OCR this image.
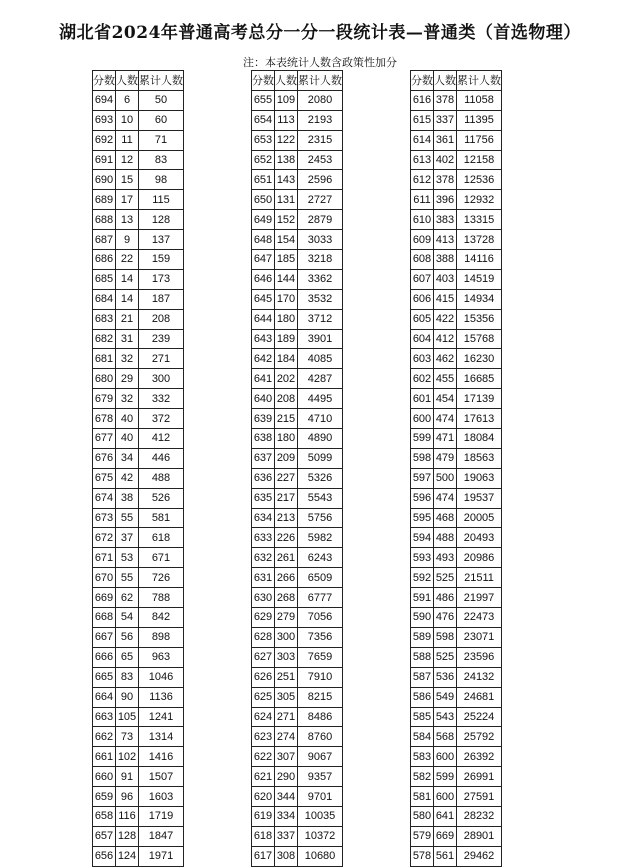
湖北省2024年普通高考总分一分一段统计表—普通类（首选物理）
注：本表统计人数含政策性加分
分数	人数	累计人数
694	6	50
693	10	60
692	11	71
691	12	83
690	15	98
689	17	115
688	13	128
687	9	137
686	22	159
685	14	173
684	14	187
683	21	208
682	31	239
681	32	271
680	29	300
679	32	332
678	40	372
677	40	412
676	34	446
675	42	488
674	38	526
673	55	581
672	37	618
671	53	671
670	55	726
669	62	788
668	54	842
667	56	898
666	65	963
665	83	1046
664	90	1136
663	105	1241
662	73	1314
661	102	1416
660	91	1507
659	96	1603
658	116	1719
657	128	1847
656	124	1971
分数	人数	累计人数
655	109	2080
654	113	2193
653	122	2315
652	138	2453
651	143	2596
650	131	2727
649	152	2879
648	154	3033
647	185	3218
646	144	3362
645	170	3532
644	180	3712
643	189	3901
642	184	4085
641	202	4287
640	208	4495
639	215	4710
638	180	4890
637	209	5099
636	227	5326
635	217	5543
634	213	5756
633	226	5982
632	261	6243
631	266	6509
630	268	6777
629	279	7056
628	300	7356
627	303	7659
626	251	7910
625	305	8215
624	271	8486
623	274	8760
622	307	9067
621	290	9357
620	344	9701
619	334	10035
618	337	10372
617	308	10680
分数	人数	累计人数
616	378	11058
615	337	11395
614	361	11756
613	402	12158
612	378	12536
611	396	12932
610	383	13315
609	413	13728
608	388	14116
607	403	14519
606	415	14934
605	422	15356
604	412	15768
603	462	16230
602	455	16685
601	454	17139
600	474	17613
599	471	18084
598	479	18563
597	500	19063
596	474	19537
595	468	20005
594	488	20493
593	493	20986
592	525	21511
591	486	21997
590	476	22473
589	598	23071
588	525	23596
587	536	24132
586	549	24681
585	543	25224
584	568	25792
583	600	26392
582	599	26991
581	600	27591
580	641	28232
579	669	28901
578	561	29462
